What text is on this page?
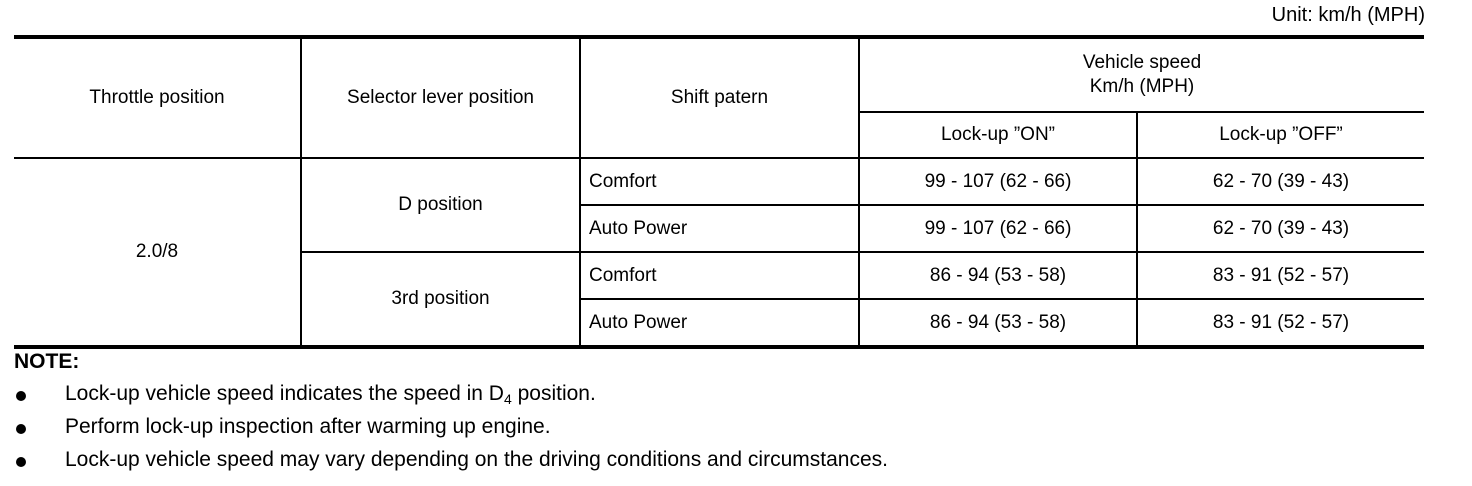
Unit: km/h (MPH)
Throttle position	Selector lever position	Shift patern	Vehicle speed
Km/h (MPH)	
			Lock-up ”ON”	Lock-up ”OFF”
2.0/8	D position	Comfort	99 - 107 (62 - 66)	62 - 70 (39 - 43)
		Auto Power	99 - 107 (62 - 66)	62 - 70 (39 - 43)
	3rd position	Comfort	86 - 94 (53 - 58)	83 - 91 (52 - 57)
		Auto Power	86 - 94 (53 - 58)	83 - 91 (52 - 57)
NOTE:
Lock-up vehicle speed indicates the speed in $D_4$ position.
Perform lock-up inspection after warming up engine.
Lock-up vehicle speed may vary depending on the driving conditions and circumstances.
